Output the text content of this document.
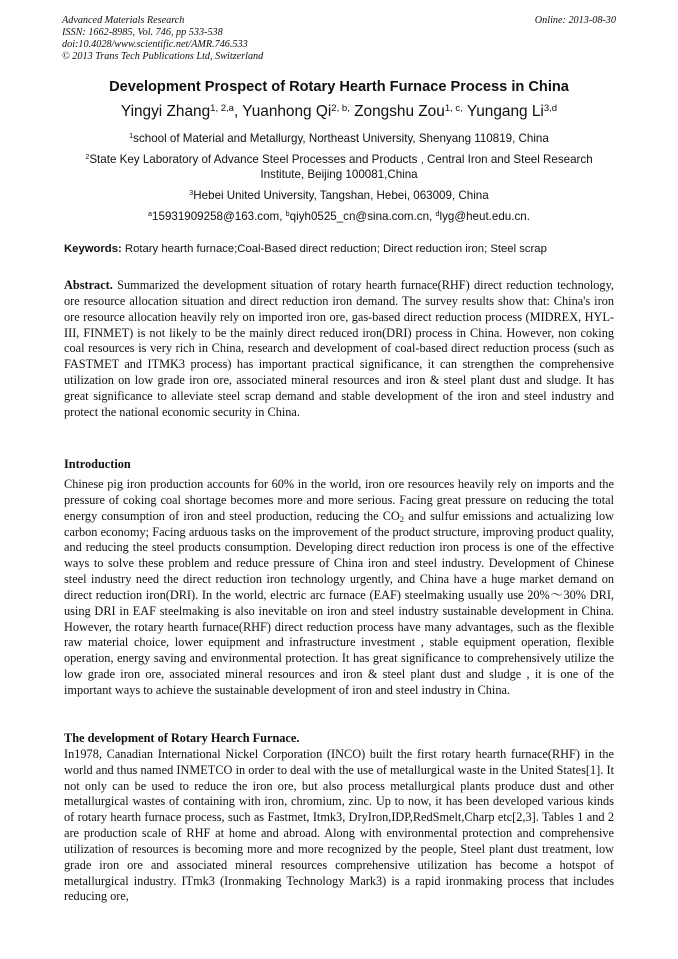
Advanced Materials Research
ISSN: 1662-8985, Vol. 746, pp 533-538
doi:10.4028/www.scientific.net/AMR.746.533
© 2013 Trans Tech Publications Ltd, Switzerland
Online: 2013-08-30
Development Prospect of Rotary Hearth Furnace Process in China
Yingyi Zhang$^{1, 2,a}$, Yuanhong $Qi^{2, b,}$ Zongshu Zou$^{1, c,}$ Yungang Li$^{3,d}$
$^1$school of Material and Metallurgy, Northeast University, Shenyang 110819, China
$^2$State Key Laboratory of Advance Steel Processes and Products , Central Iron and Steel Research Institute, Beijing 100081,China
$^3$Hebei United University, Tangshan, Hebei, 063009, China
$^a$15931909258@163.com, $^b$qiyh0525_cn@sina.com.cn, $^d$lyg@heut.edu.cn.
Keywords: Rotary hearth furnace;Coal-Based direct reduction; Direct reduction iron; Steel scrap
Abstract. Summarized the development situation of rotary hearth furnace(RHF) direct reduction technology, ore resource allocation situation and direct reduction iron demand. The survey results show that: China's iron ore resource allocation heavily rely on imported iron ore, gas-based direct reduction process (MIDREX, HYL-III, FINMET) is not likely to be the mainly direct reduced iron(DRI) process in China. However, non coking coal resources is very rich in China, research and development of coal-based direct reduction process (such as FASTMET and ITMK3 process) has important practical significance, it can strengthen the comprehensive utilization on low grade iron ore, associated mineral resources and iron & steel plant dust and sludge. It has great significance to alleviate steel scrap demand and stable development of the iron and steel industry and protect the national economic security in China.
Introduction
Chinese pig iron production accounts for 60% in the world, iron ore resources heavily rely on imports and the pressure of coking coal shortage becomes more and more serious. Facing great pressure on reducing the total energy consumption of iron and steel production, reducing the $CO_2$ and sulfur emissions and actualizing low carbon economy; Facing arduous tasks on the improvement of the product structure, improving product quality, and reducing the steel products consumption. Developing direct reduction iron process is one of the effective ways to solve these problem and reduce pressure of China iron and steel industry. Development of Chinese steel industry need the direct reduction iron technology urgently, and China have a huge market demand on direct reduction iron(DRI). In the world, electric arc furnace (EAF) steelmaking usually use 20%～30% DRI, using DRI in EAF steelmaking is also inevitable on iron and steel industry sustainable development in China. However, the rotary hearth furnace(RHF) direct reduction process have many advantages, such as the flexible raw material choice, lower equipment and infrastructure investment , stable equipment operation, flexible operation, energy saving and environmental protection. It has great significance to comprehensively utilize the low grade iron ore, associated mineral resources and iron & steel plant dust and sludge , it is one of the important ways to achieve the sustainable development of iron and steel industry in China.
The development of Rotary Hearch Furnace.
In1978, Canadian International Nickel Corporation (INCO) built the first rotary hearth furnace(RHF) in the world and thus named INMETCO in order to deal with the use of metallurgical waste in the United States[1]. It not only can be used to reduce the iron ore, but also process metallurgical plants produce dust and other metallurgical wastes of containing with iron, chromium, zinc. Up to now, it has been developed various kinds of rotary hearth furnace process, such as Fastmet, Itmk3, DryIron,IDP,RedSmelt,Charp etc[2,3]. Tables 1 and 2 are production scale of RHF at home and abroad. Along with environmental protection and comprehensive utilization of resources is becoming more and more recognized by the people, Steel plant dust treatment, low grade iron ore and associated mineral resources comprehensive utilization has become a hotspot of metallurgical industry. ITmk3 (Ironmaking Technology Mark3) is a rapid ironmaking process that includes reducing ore,
